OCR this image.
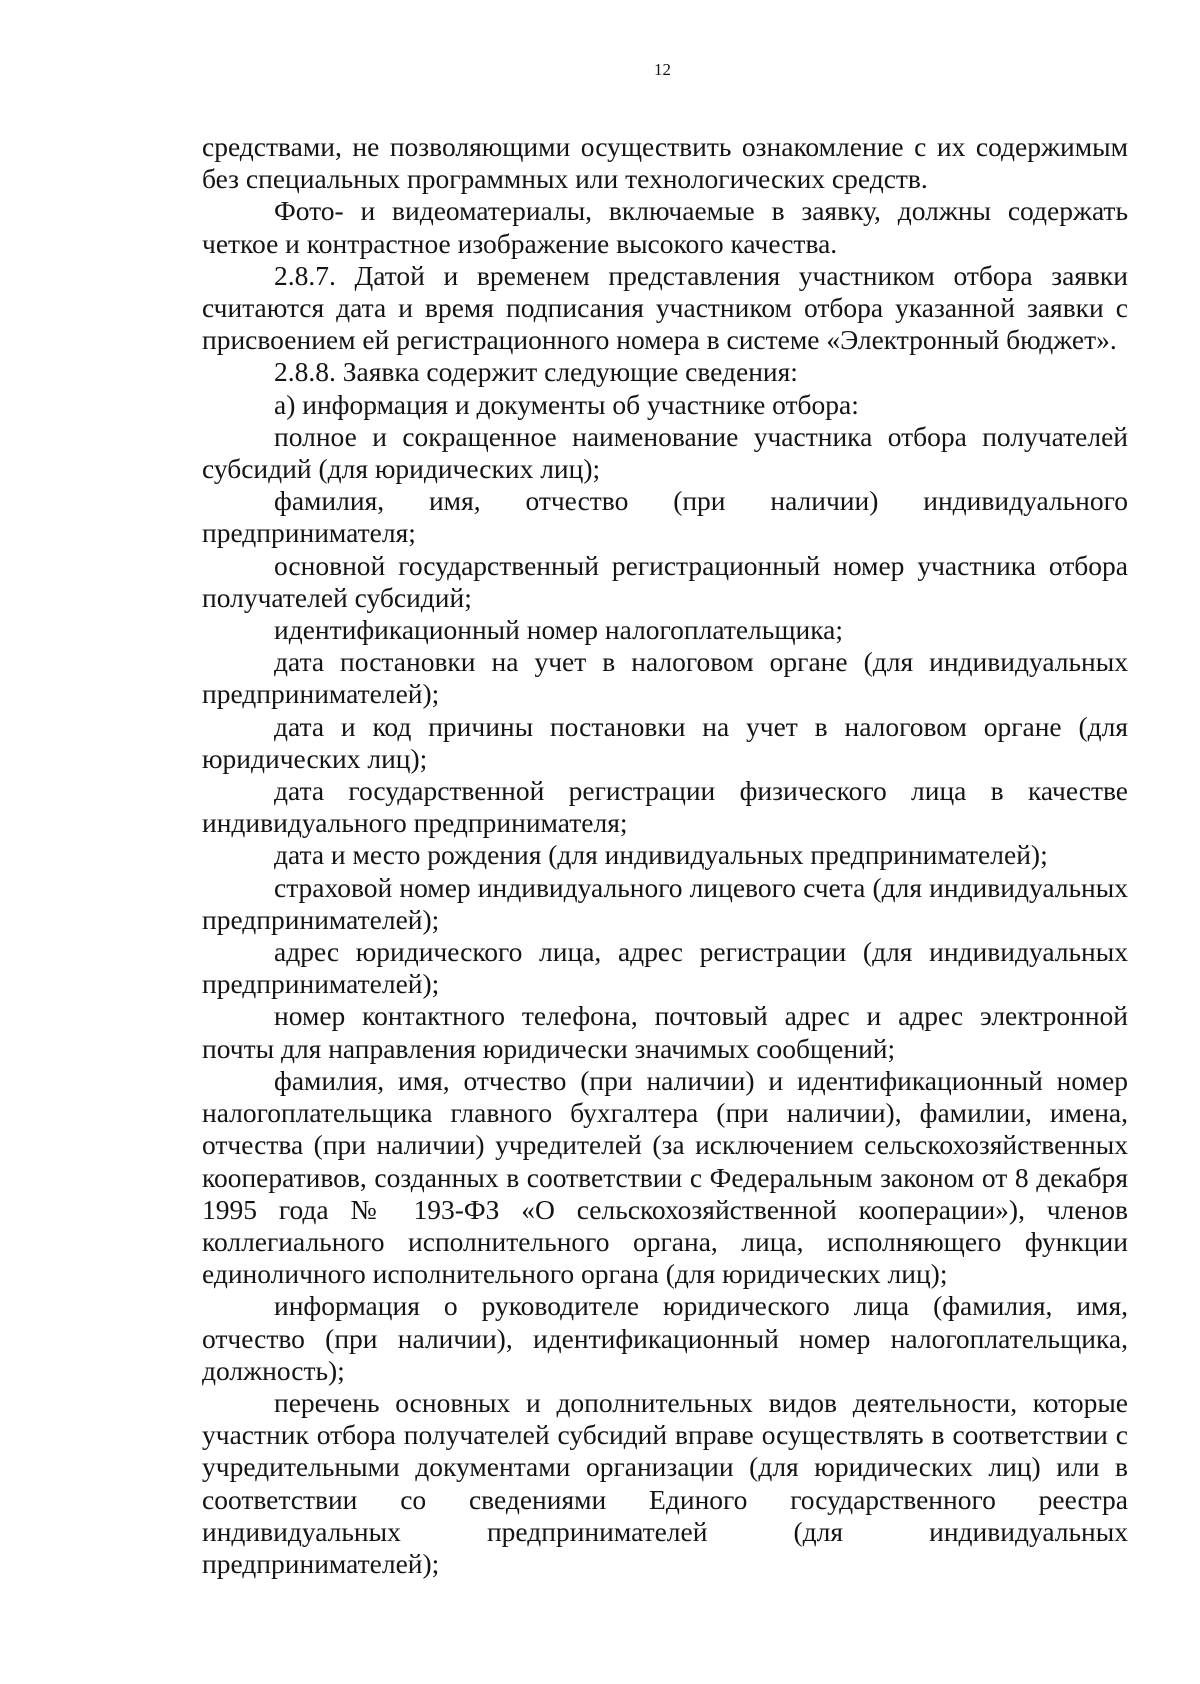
12

средствами, не позволяющими осуществить ознакомление с их содержимым без специальных программных или технологических средств.

Фото- и видеоматериалы, включаемые в заявку, должны содержать четкое и контрастное изображение высокого качества.

2.8.7. Датой и временем представления участником отбора заявки считаются дата и время подписания участником отбора указанной заявки с присвоением ей регистрационного номера в системе «Электронный бюджет».

2.8.8. Заявка содержит следующие сведения:

а) информация и документы об участнике отбора:

полное и сокращенное наименование участника отбора получателей субсидий (для юридических лиц);

фамилия, имя, отчество (при наличии) индивидуального предпринимателя;

основной государственный регистрационный номер участника отбора получателей субсидий;

идентификационный номер налогоплательщика;

дата постановки на учет в налоговом органе (для индивидуальных предпринимателей);

дата и код причины постановки на учет в налоговом органе (для юридических лиц);

дата государственной регистрации физического лица в качестве индивидуального предпринимателя;

дата и место рождения (для индивидуальных предпринимателей);

страховой номер индивидуального лицевого счета (для индивидуальных предпринимателей);

адрес юридического лица, адрес регистрации (для индивидуальных предпринимателей);

номер контактного телефона, почтовый адрес и адрес электронной почты для направления юридически значимых сообщений;

фамилия, имя, отчество (при наличии) и идентификационный номер налогоплательщика главного бухгалтера (при наличии), фамилии, имена, отчества (при наличии) учредителей (за исключением сельскохозяйственных кооперативов, созданных в соответствии с Федеральным законом от 8 декабря 1995 года № 193-ФЗ «О сельскохозяйственной кооперации»), членов коллегиального исполнительного органа, лица, исполняющего функции единоличного исполнительного органа (для юридических лиц);

информация о руководителе юридического лица (фамилия, имя, отчество (при наличии), идентификационный номер налогоплательщика, должность);

перечень основных и дополнительных видов деятельности, которые участник отбора получателей субсидий вправе осуществлять в соответствии с учредительными документами организации (для юридических лиц) или в соответствии со сведениями Единого государственного реестра индивидуальных предпринимателей (для индивидуальных предпринимателей);
